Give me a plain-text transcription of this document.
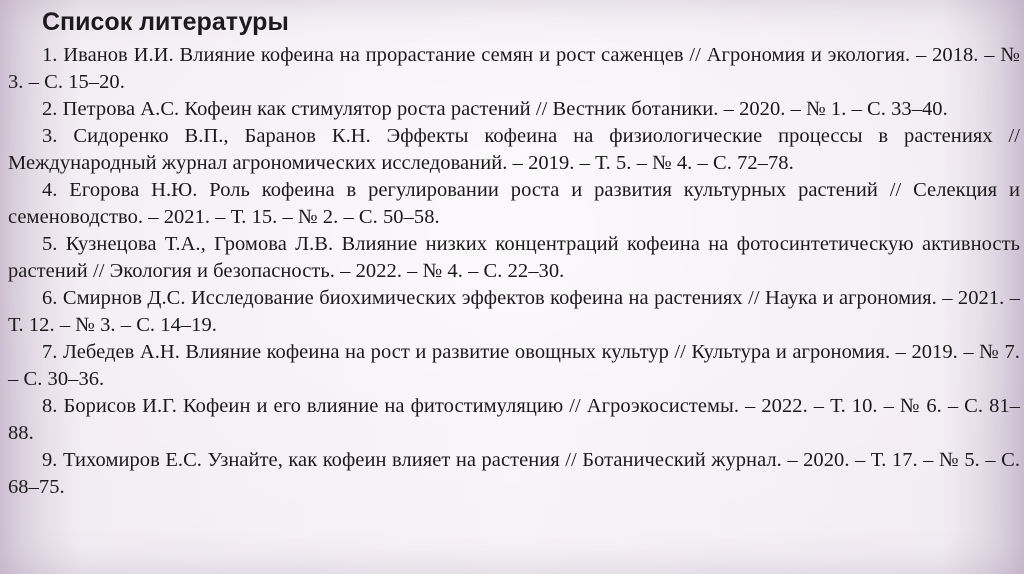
Список литературы
1. Иванов И.И. Влияние кофеина на прорастание семян и рост саженцев // Агрономия и экология. – 2018. – № 3. – С. 15–20.
2. Петрова А.С. Кофеин как стимулятор роста растений // Вестник ботаники. – 2020. – № 1. – С. 33–40.
3. Сидоренко В.П., Баранов К.Н. Эффекты кофеина на физиологические процессы в растениях // Международный журнал агрономических исследований. – 2019. – Т. 5. – № 4. – С. 72–78.
4. Егорова Н.Ю. Роль кофеина в регулировании роста и развития культурных растений // Селекция и семеноводство. – 2021. – Т. 15. – № 2. – С. 50–58.
5. Кузнецова Т.А., Громова Л.В. Влияние низких концентраций кофеина на фотосинтетическую активность растений // Экология и безопасность. – 2022. – № 4. – С. 22–30.
6. Смирнов Д.С. Исследование биохимических эффектов кофеина на растениях // Наука и агрономия. – 2021. – Т. 12. – № 3. – С. 14–19.
7. Лебедев А.Н. Влияние кофеина на рост и развитие овощных культур // Культура и агрономия. – 2019. – № 7. – С. 30–36.
8. Борисов И.Г. Кофеин и его влияние на фитостимуляцию // Агроэкосистемы. – 2022. – Т. 10. – № 6. – С. 81–88.
9. Тихомиров Е.С. Узнайте, как кофеин влияет на растения // Ботанический журнал. – 2020. – Т. 17. – № 5. – С. 68–75.
